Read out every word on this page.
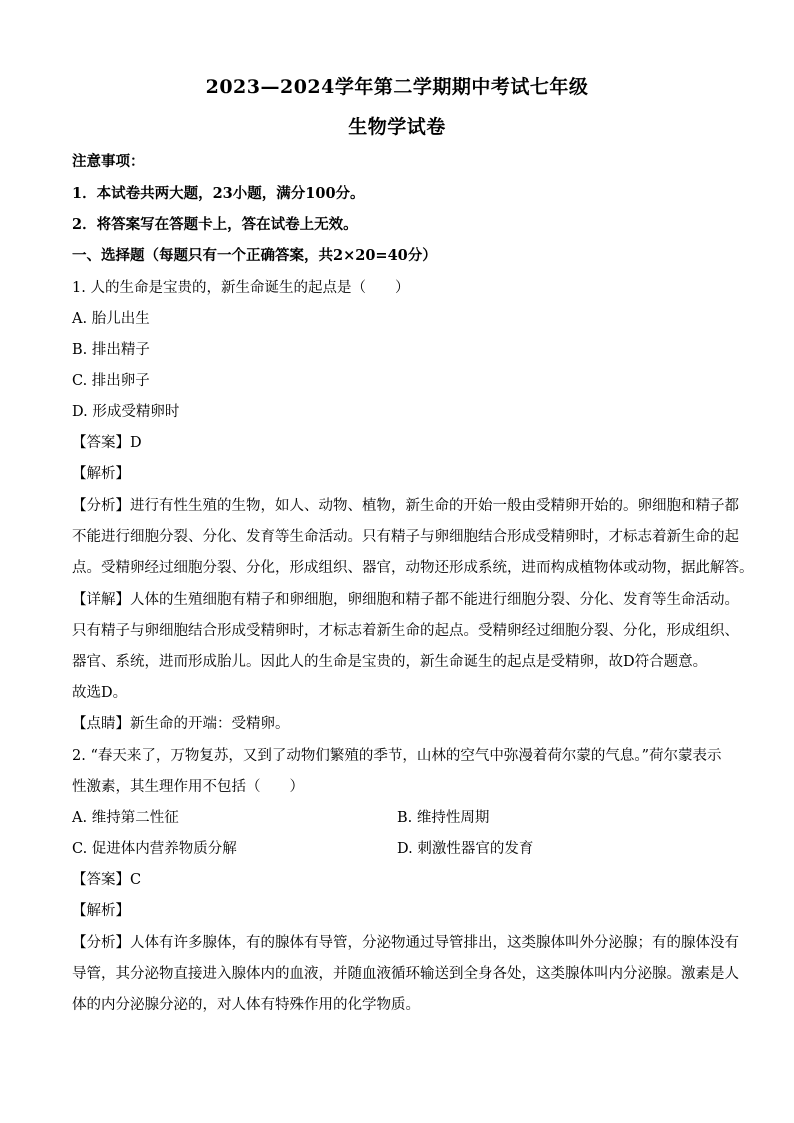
2023—2024学年第二学期期中考试七年级
生物学试卷
注意事项：
1．本试卷共两大题，23小题，满分100分。
2．将答案写在答题卡上，答在试卷上无效。
一、选择题（每题只有一个正确答案，共2×20=40分）
1. 人的生命是宝贵的，新生命诞生的起点是（　　）
A. 胎儿出生
B. 排出精子
C. 排出卵子
D. 形成受精卵时
【答案】D
【解析】
【分析】进行有性生殖的生物，如人、动物、植物，新生命的开始一般由受精卵开始的。卵细胞和精子都
不能进行细胞分裂、分化、发育等生命活动。只有精子与卵细胞结合形成受精卵时，才标志着新生命的起
点。受精卵经过细胞分裂、分化，形成组织、器官，动物还形成系统，进而构成植物体或动物，据此解答。
【详解】人体的生殖细胞有精子和卵细胞，卵细胞和精子都不能进行细胞分裂、分化、发育等生命活动。
只有精子与卵细胞结合形成受精卵时，才标志着新生命的起点。受精卵经过细胞分裂、分化，形成组织、
器官、系统，进而形成胎儿。因此人的生命是宝贵的，新生命诞生的起点是受精卵，故D符合题意。
故选D。
【点睛】新生命的开端：受精卵。
2. “春天来了，万物复苏，又到了动物们繁殖的季节，山林的空气中弥漫着荷尔蒙的气息。”荷尔蒙表示
性激素，其生理作用不包括（　　）
A. 维持第二性征	B. 维持性周期
C. 促进体内营养物质分解	D. 刺激性器官的发育
【答案】C
【解析】
【分析】人体有许多腺体，有的腺体有导管，分泌物通过导管排出，这类腺体叫外分泌腺；有的腺体没有
导管，其分泌物直接进入腺体内的血液，并随血液循环输送到全身各处，这类腺体叫内分泌腺。激素是人
体的内分泌腺分泌的，对人体有特殊作用的化学物质。
